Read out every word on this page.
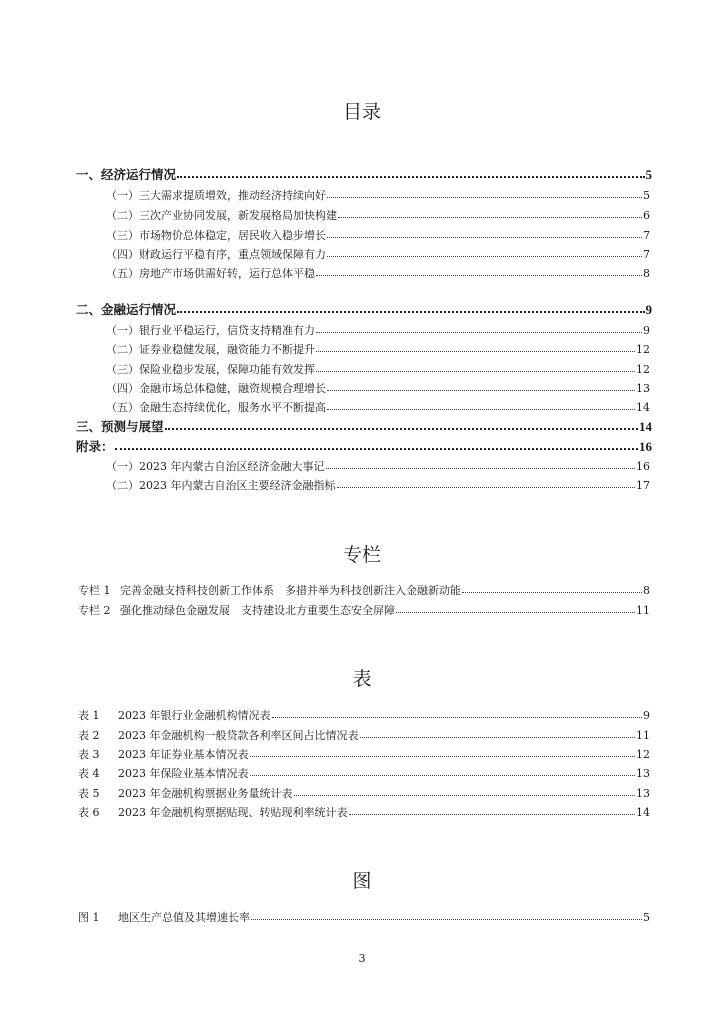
目录
一、经济运行情况	5
（一）三大需求提质增效，推动经济持续向好	5
（二）三次产业协同发展，新发展格局加快构建	6
（三）市场物价总体稳定，居民收入稳步增长	7
（四）财政运行平稳有序，重点领域保障有力	7
（五）房地产市场供需好转，运行总体平稳	8
二、金融运行情况	9
（一）银行业平稳运行，信贷支持精准有力	9
（二）证券业稳健发展，融资能力不断提升	12
（三）保险业稳步发展，保障功能有效发挥	12
（四）金融市场总体稳健，融资规模合理增长	13
（五）金融生态持续优化，服务水平不断提高	14
三、预测与展望	14
附录：	16
（一）2023 年内蒙古自治区经济金融大事记	16
（二）2023 年内蒙古自治区主要经济金融指标	17
专栏
专栏 1 完善金融支持科技创新工作体系　多措并举为科技创新注入金融新动能	8
专栏 2 强化推动绿色金融发展　支持建设北方重要生态安全屏障	11
表
表 1	2023 年银行业金融机构情况表	9
表 2	2023 年金融机构一般贷款各利率区间占比情况表	11
表 3	2023 年证券业基本情况表	12
表 4	2023 年保险业基本情况表	13
表 5	2023 年金融机构票据业务量统计表	13
表 6	2023 年金融机构票据贴现、转贴现利率统计表	14
图
图 1	地区生产总值及其增速长率	5
3
